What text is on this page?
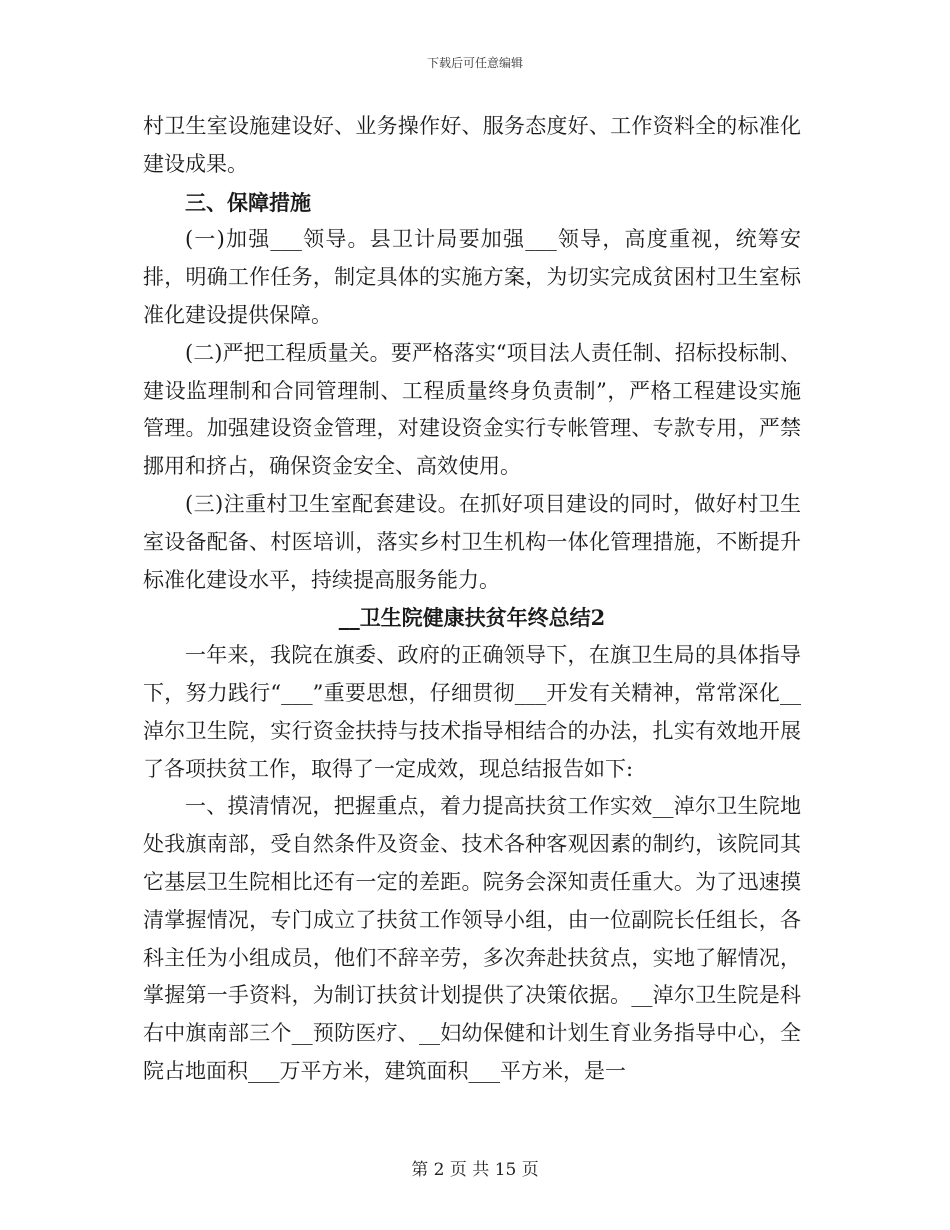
下载后可任意编辑

村卫生室设施建设好、业务操作好、服务态度好、工作资料全的标准化建设成果。

三、保障措施

(一)加强___领导。县卫计局要加强___领导，高度重视，统筹安排，明确工作任务，制定具体的实施方案，为切实完成贫困村卫生室标准化建设提供保障。

(二)严把工程质量关。要严格落实“项目法人责任制、招标投标制、建设监理制和合同管理制、工程质量终身负责制”，严格工程建设实施管理。加强建设资金管理，对建设资金实行专帐管理、专款专用，严禁挪用和挤占，确保资金安全、高效使用。

(三)注重村卫生室配套建设。在抓好项目建设的同时，做好村卫生室设备配备、村医培训，落实乡村卫生机构一体化管理措施，不断提升标准化建设水平，持续提高服务能力。

__卫生院健康扶贫年终总结2

一年来，我院在旗委、政府的正确领导下，在旗卫生局的具体指导下，努力践行“___”重要思想，仔细贯彻___开发有关精神，常常深化__淖尔卫生院，实行资金扶持与技术指导相结合的办法，扎实有效地开展了各项扶贫工作，取得了一定成效，现总结报告如下:

一、摸清情况，把握重点，着力提高扶贫工作实效__淖尔卫生院地处我旗南部，受自然条件及资金、技术各种客观因素的制约，该院同其它基层卫生院相比还有一定的差距。院务会深知责任重大。为了迅速摸清掌握情况，专门成立了扶贫工作领导小组，由一位副院长任组长，各科主任为小组成员，他们不辞辛劳，多次奔赴扶贫点，实地了解情况，掌握第一手资料，为制订扶贫计划提供了决策依据。__淖尔卫生院是科右中旗南部三个__预防医疗、__妇幼保健和计划生育业务指导中心，全院占地面积___万平方米，建筑面积___平方米，是一

第 2 页 共 15 页
